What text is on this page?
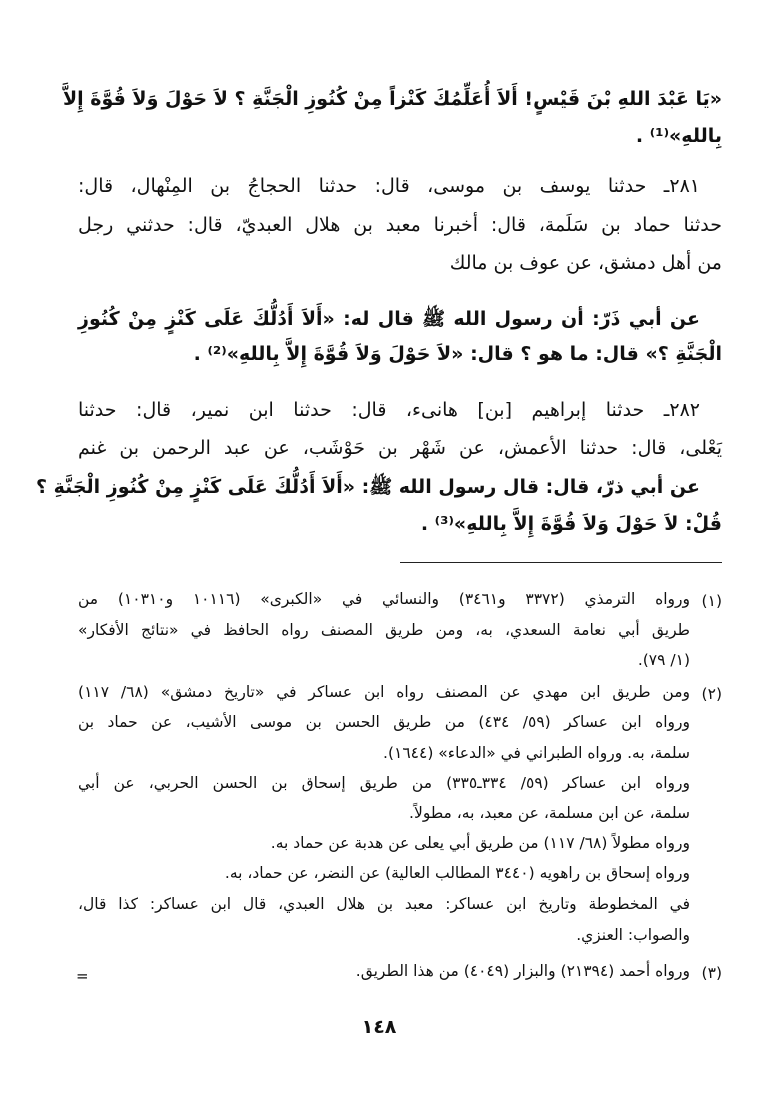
«يَا عَبْدَ اللهِ بْنَ قَيْسٍ! أَلاَ أُعَلِّمُكَ كَنْزاً مِنْ كُنُوزِ الْجَنَّةِ ؟ لاَ حَوْلَ وَلاَ قُوَّةَ إِلاَّ
بِاللهِ»⁽¹⁾ .
٢٨١ـ حدثنا يوسف بن موسى، قال: حدثنا الحجاجُ بن المِنْهال، قال:
حدثنا حماد بن سَلَمة، قال: أخبرنا معبد بن هلال العبديّ، قال: حدثني رجل
من أهل دمشق، عن عوف بن مالك
عن أبي ذَرّ: أن رسول الله ﷺ قال له: «أَلاَ أَدُلُّكَ عَلَى كَنْزٍ مِنْ كُنُوزِ
الْجَنَّةِ ؟» قال: ما هو ؟ قال: «لاَ حَوْلَ وَلاَ قُوَّةَ إِلاَّ بِاللهِ»⁽²⁾ .
٢٨٢ـ حدثنا إبراهيم [بن] هانىء، قال: حدثنا ابن نمير، قال: حدثنا
يَعْلى، قال: حدثنا الأعمش، عن شَهْر بن حَوْشَب، عن عبد الرحمن بن غنم
عن أبي ذرّ، قال: قال رسول الله ﷺ: «أَلاَ أَدُلُّكَ عَلَى كَنْزٍ مِنْ كُنُوزِ الْجَنَّةِ ؟
قُلْ: لاَ حَوْلَ وَلاَ قُوَّةَ إِلاَّ بِاللهِ»⁽³⁾ .
(١)
ورواه الترمذي (٣٣٧٢ و٣٤٦١) والنسائي في «الكبرى» (١٠١١٦ و١٠٣١٠) من
طريق أبي نعامة السعدي، به، ومن طريق المصنف رواه الحافظ في «نتائج الأفكار»
(١/ ٧٩).
(٢)
ومن طريق ابن مهدي عن المصنف رواه ابن عساكر في «تاريخ دمشق» (٦٨/ ١١٧)
ورواه ابن عساكر (٥٩/ ٤٣٤) من طريق الحسن بن موسى الأشيب، عن حماد بن
سلمة، به. ورواه الطبراني في «الدعاء» (١٦٤٤).
ورواه ابن عساكر (٥٩/ ٣٣٤ـ٣٣٥) من طريق إسحاق بن الحسن الحربي، عن أبي
سلمة، عن ابن مسلمة، عن معبد، به، مطولاً.
ورواه مطولاً (٦٨/ ١١٧) من طريق أبي يعلى عن هدبة عن حماد به.
ورواه إسحاق بن راهويه (٣٤٤٠ المطالب العالية) عن النضر، عن حماد، به.
في المخطوطة وتاريخ ابن عساكر: معبد بن هلال العبدي، قال ابن عساكر: كذا قال،
والصواب: العنزي.
(٣)
ورواه أحمد (٢١٣٩٤) والبزار (٤٠٤٩) من هذا الطريق.
=
١٤٨
